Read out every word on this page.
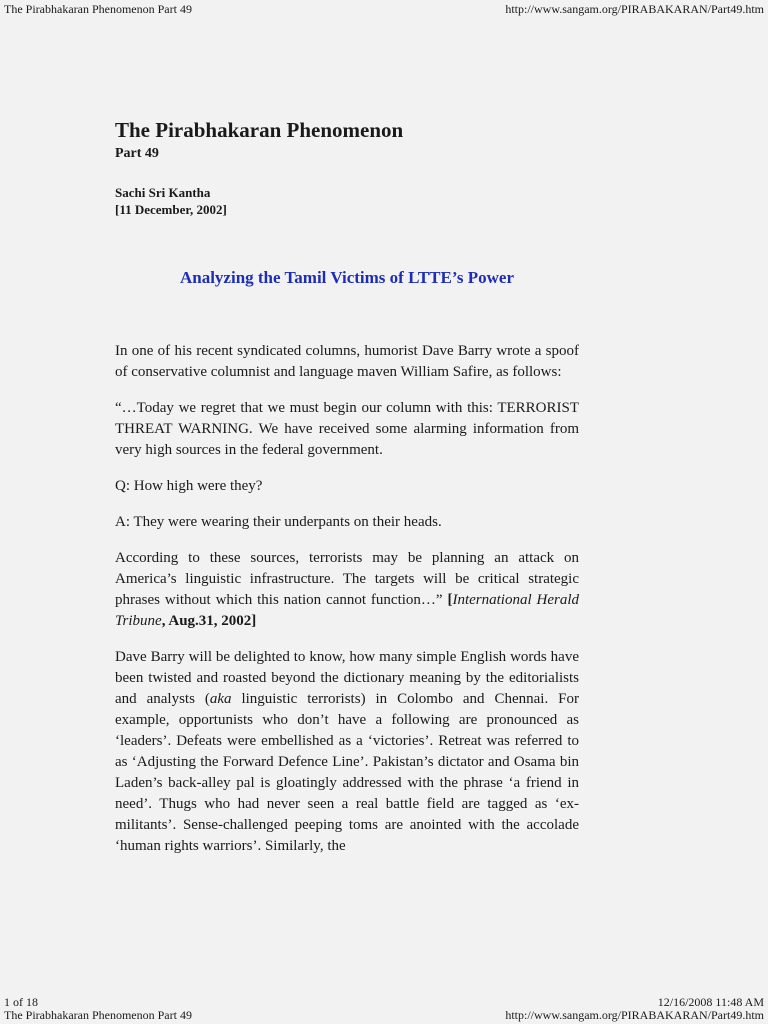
The Pirabhakaran Phenomenon Part 49	http://www.sangam.org/PIRABAKARAN/Part49.htm
The Pirabhakaran Phenomenon
Part 49
Sachi Sri Kantha
[11 December, 2002]
Analyzing the Tamil Victims of LTTE’s Power

In one of his recent syndicated columns, humorist Dave Barry wrote a spoof of conservative columnist and language maven William Safire, as follows:

“…Today we regret that we must begin our column with this: TERRORIST THREAT WARNING. We have received some alarming information from very high sources in the federal government.

Q: How high were they?

A: They were wearing their underpants on their heads.

According to these sources, terrorists may be planning an attack on America’s linguistic infrastructure. The targets will be critical strategic phrases without which this nation cannot function…” [International Herald Tribune, Aug.31, 2002]

Dave Barry will be delighted to know, how many simple English words have been twisted and roasted beyond the dictionary meaning by the editorialists and analysts (aka linguistic terrorists) in Colombo and Chennai. For example, opportunists who don’t have a following are pronounced as ‘leaders’. Defeats were embellished as a ‘victories’. Retreat was referred to as ‘Adjusting the Forward Defence Line’. Pakistan’s dictator and Osama bin Laden’s back-alley pal is gloatingly addressed with the phrase ‘a friend in need’. Thugs who had never seen a real battle field are tagged as ‘ex-militants’. Sense-challenged peeping toms are anointed with the accolade ‘human rights warriors’. Similarly, the

1 of 18	12/16/2008 11:48 AM
The Pirabhakaran Phenomenon Part 49	http://www.sangam.org/PIRABAKARAN/Part49.htm
